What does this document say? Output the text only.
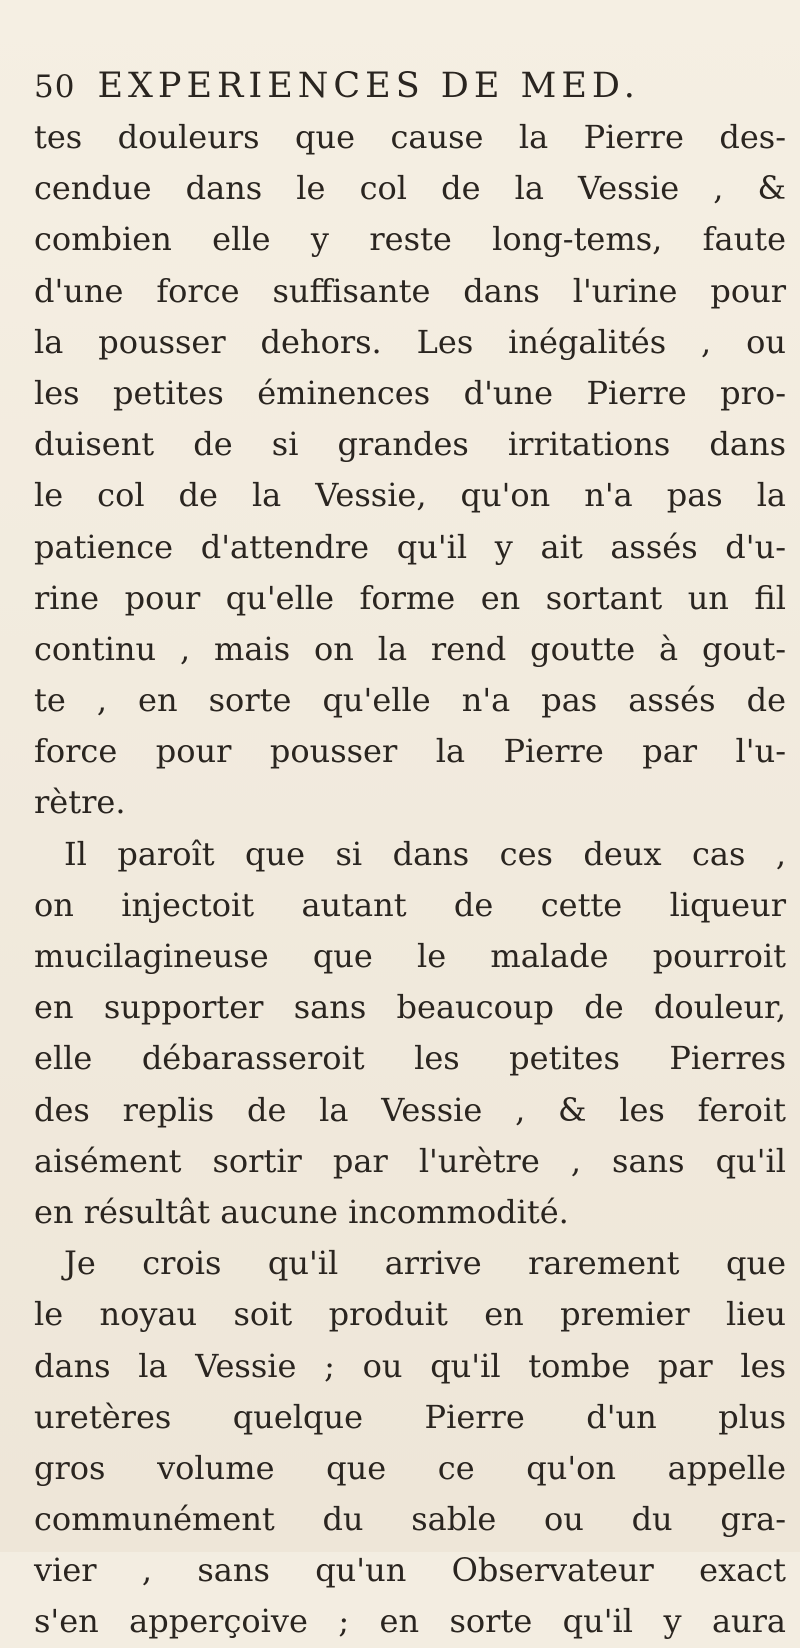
50 EXPERIENCES DE MED.
tes douleurs que cause la Pierre des-
cendue dans le col de la Vessie , &
combien elle y reste long-tems, faute
d'une force suffisante dans l'urine pour
la pousser dehors. Les inégalités , ou
les petites éminences d'une Pierre pro-
duisent de si grandes irritations dans
le col de la Vessie, qu'on n'a pas la
patience d'attendre qu'il y ait assés d'u-
rine pour qu'elle forme en sortant un fil
continu , mais on la rend goutte à gout-
te , en sorte qu'elle n'a pas assés de
force pour pousser la Pierre par l'u-
rètre.
Il paroît que si dans ces deux cas ,
on injectoit autant de cette liqueur
mucilagineuse que le malade pourroit
en supporter sans beaucoup de douleur,
elle débarasseroit les petites Pierres
des replis de la Vessie , & les feroit
aisément sortir par l'urètre , sans qu'il
en résultât aucune incommodité.
Je crois qu'il arrive rarement que
le noyau soit produit en premier lieu
dans la Vessie ; ou qu'il tombe par les
uretères quelque Pierre d'un plus
gros volume que ce qu'on appelle
communément du sable ou du gra-
vier , sans qu'un Observateur exact
s'en apperçoive ; en sorte qu'il y aura
